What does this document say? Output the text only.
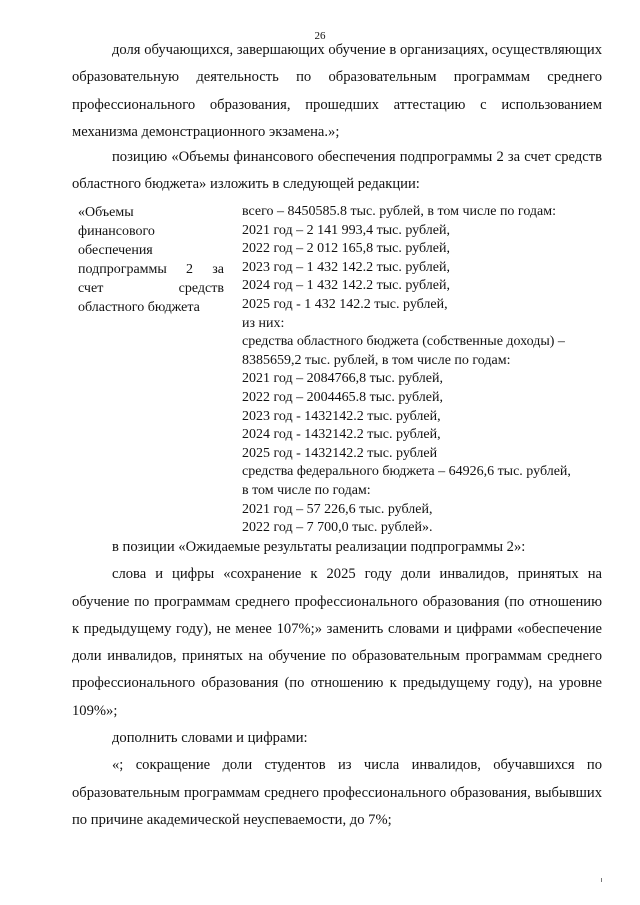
26

доля обучающихся, завершающих обучение в организациях, осуществляющих образовательную деятельность по образовательным программам среднего профессионального образования, прошедших аттестацию с использованием механизма демонстрационного экзамена.»;

позицию «Объемы финансового обеспечения подпрограммы 2 за счет средств областного бюджета» изложить в следующей редакции:

«Объемы
финансового
обеспечения
подпрограммы 2 за
счет средств
областного бюджета
всего – 8450585.8 тыс. рублей, в том числе по годам:
2021 год – 2 141 993,4 тыс. рублей,
2022 год – 2 012 165,8 тыс. рублей,
2023 год – 1 432 142.2 тыс. рублей,
2024 год – 1 432 142.2 тыс. рублей,
2025 год - 1 432 142.2 тыс. рублей,
из них:
средства областного бюджета (собственные доходы) –
8385659,2 тыс. рублей, в том числе по годам:
2021 год – 2084766,8 тыс. рублей,
2022 год – 2004465.8 тыс. рублей,
2023 год - 1432142.2 тыс. рублей,
2024 год - 1432142.2 тыс. рублей,
2025 год - 1432142.2 тыс. рублей
средства федерального бюджета – 64926,6 тыс. рублей,
в том числе по годам:
2021 год – 57 226,6 тыс. рублей,
2022 год – 7 700,0 тыс. рублей».

в позиции «Ожидаемые результаты реализации подпрограммы 2»:

слова и цифры «сохранение к 2025 году доли инвалидов, принятых на обучение по программам среднего профессионального образования (по отношению к предыдущему году), не менее 107%;» заменить словами и цифрами «обеспечение доли инвалидов, принятых на обучение по образовательным программам среднего профессионального образования (по отношению к предыдущему году), на уровне 109%»;

дополнить словами и цифрами:

«; сокращение доли студентов из числа инвалидов, обучавшихся по образовательным программам среднего профессионального образования, выбывших по причине академической неуспеваемости, до 7%;
